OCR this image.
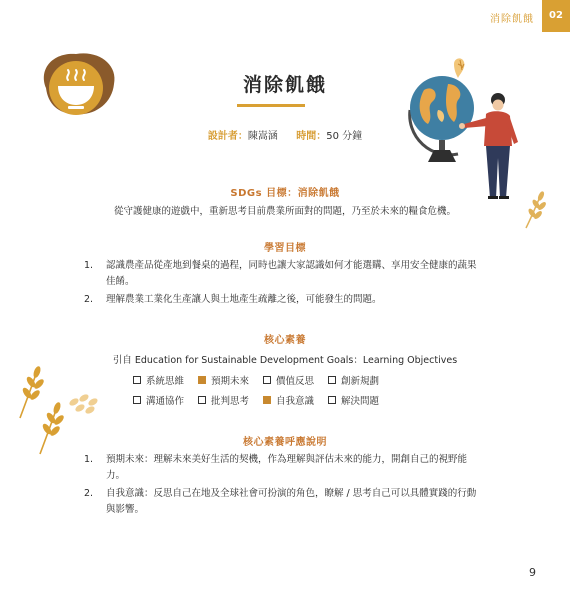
消除飢餓	02
消除飢餓
設計者：陳嵩涵 時間：50 分鐘
SDGs 目標：消除飢餓
從守護健康的遊戲中，重新思考目前農業所面對的問題，乃至於未來的糧食危機。
學習目標
1. 認識農產品從產地到餐桌的過程，同時也讓大家認識如何才能選購、享用安全健康的蔬果佳餚。
2. 理解農業工業化生產讓人與土地產生疏離之後，可能發生的問題。
核心素養
引自 Education for Sustainable Development Goals：Learning Objectives
系統思維	預期未來	價值反思	創新規劃
溝通協作	批判思考	自我意識	解決問題
核心素養呼應說明
1. 預期未來：理解未來美好生活的契機，作為理解與評估未來的能力，開創自己的視野能力。
2. 自我意識：反思自己在地及全球社會可扮演的角色，瞭解 / 思考自己可以具體實踐的行動與影響。
9
